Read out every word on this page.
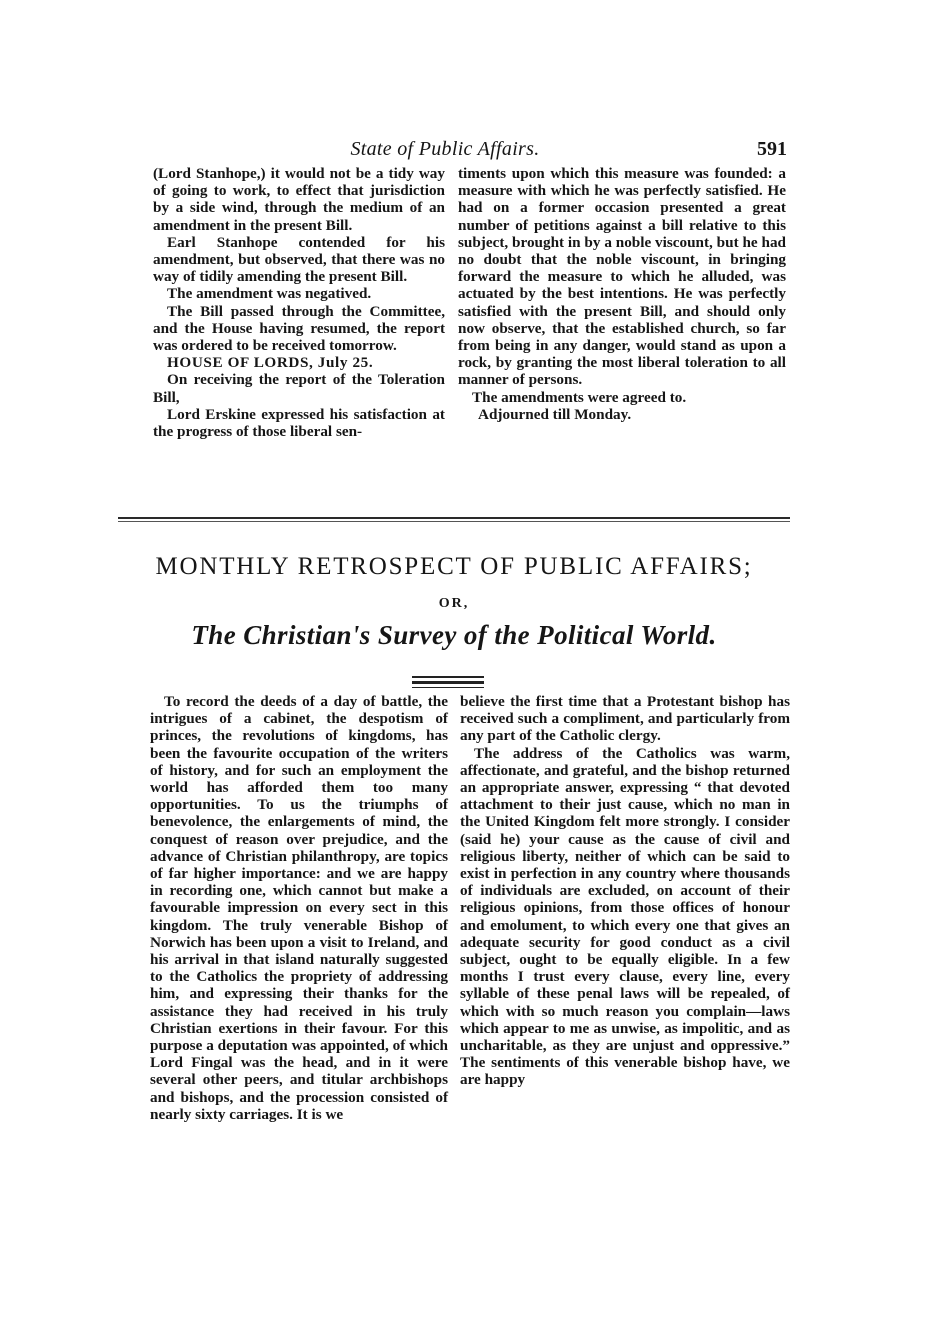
State of Public Affairs.	591

(Lord Stanhope,) it would not be a tidy way of going to work, to effect that jurisdiction by a side wind, through the medium of an amendment in the present Bill.

Earl Stanhope contended for his amendment, but observed, that there was no way of tidily amending the present Bill.

The amendment was negatived.

The Bill passed through the Committee, and the House having resumed, the report was ordered to be received tomorrow.

HOUSE OF LORDS, July 25.

On receiving the report of the Toleration Bill,

Lord Erskine expressed his satisfaction at the progress of those liberal sen-

timents upon which this measure was founded: a measure with which he was perfectly satisfied. He had on a former occasion presented a great number of petitions against a bill relative to this subject, brought in by a noble viscount, but he had no doubt that the noble viscount, in bringing forward the measure to which he alluded, was actuated by the best intentions. He was perfectly satisfied with the present Bill, and should only now observe, that the established church, so far from being in any danger, would stand as upon a rock, by granting the most liberal toleration to all manner of persons.

The amendments were agreed to.

Adjourned till Monday.

MONTHLY RETROSPECT OF PUBLIC AFFAIRS;
OR,
The Christian's Survey of the Political World.

To record the deeds of a day of battle, the intrigues of a cabinet, the despotism of princes, the revolutions of kingdoms, has been the favourite occupation of the writers of history, and for such an employment the world has afforded them too many opportunities. To us the triumphs of benevolence, the enlargements of mind, the conquest of reason over prejudice, and the advance of Christian philanthropy, are topics of far higher importance: and we are happy in recording one, which cannot but make a favourable impression on every sect in this kingdom. The truly venerable Bishop of Norwich has been upon a visit to Ireland, and his arrival in that island naturally suggested to the Catholics the propriety of addressing him, and expressing their thanks for the assistance they had received in his truly Christian exertions in their favour. For this purpose a deputation was appointed, of which Lord Fingal was the head, and in it were several other peers, and titular archbishops and bishops, and the procession consisted of nearly sixty carriages. It is we

believe the first time that a Protestant bishop has received such a compliment, and particularly from any part of the Catholic clergy.

The address of the Catholics was warm, affectionate, and grateful, and the bishop returned an appropriate answer, expressing “ that devoted attachment to their just cause, which no man in the United Kingdom felt more strongly. I consider (said he) your cause as the cause of civil and religious liberty, neither of which can be said to exist in perfection in any country where thousands of individuals are excluded, on account of their religious opinions, from those offices of honour and emolument, to which every one that gives an adequate security for good conduct as a civil subject, ought to be equally eligible. In a few months I trust every clause, every line, every syllable of these penal laws will be repealed, of which with so much reason you complain—laws which appear to me as unwise, as impolitic, and as uncharitable, as they are unjust and oppressive.” The sentiments of this venerable bishop have, we are happy
